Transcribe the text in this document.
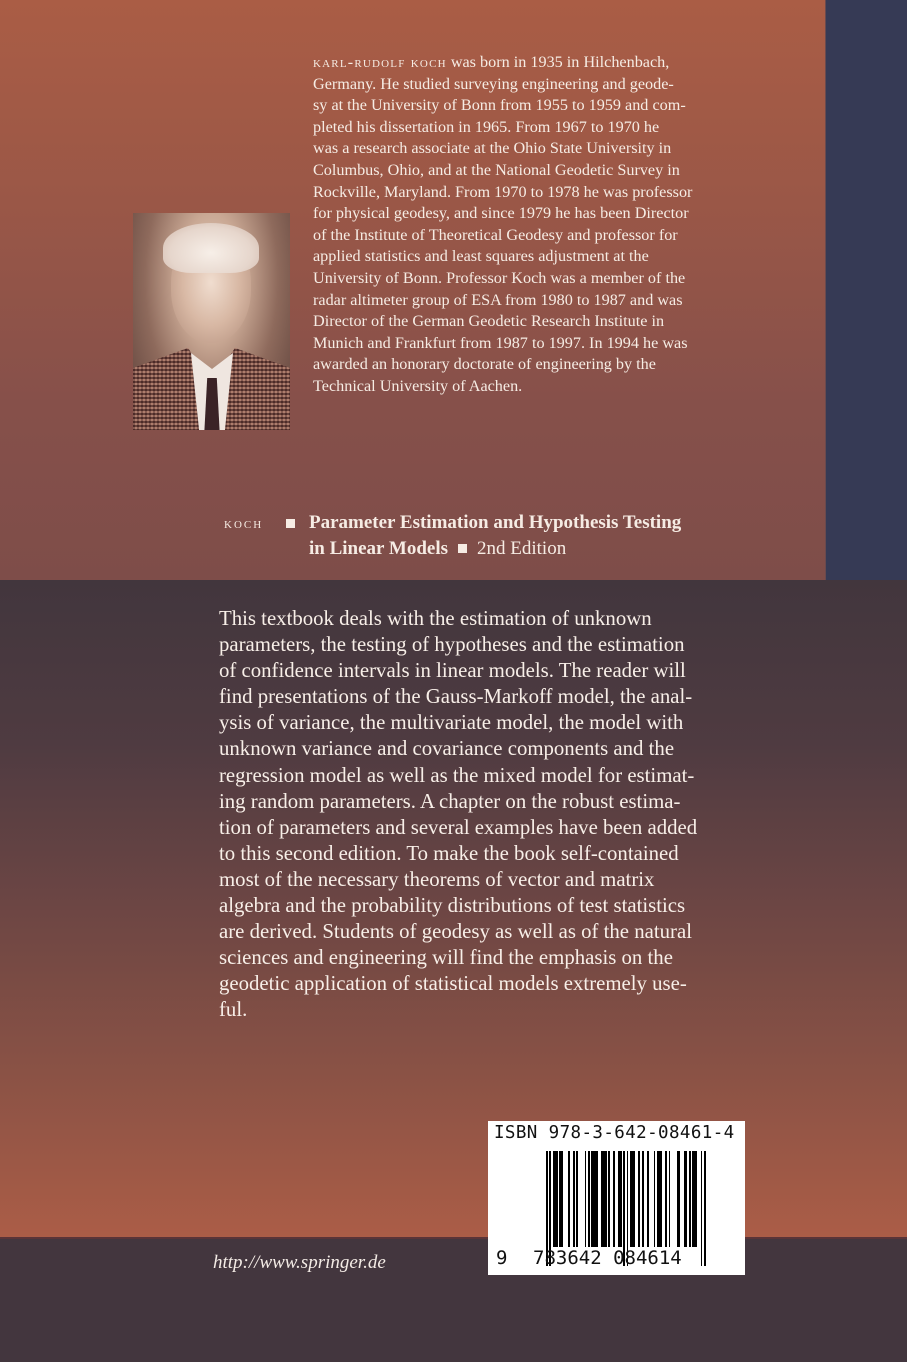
karl-rudolf koch was born in 1935 in Hilchenbach,
Germany. He studied surveying engineering and geode-
sy at the University of Bonn from 1955 to 1959 and com-
pleted his dissertation in 1965. From 1967 to 1970 he
was a research associate at the Ohio State University in
Columbus, Ohio, and at the National Geodetic Survey in
Rockville, Maryland. From 1970 to 1978 he was professor
for physical geodesy, and since 1979 he has been Director
of the Institute of Theoretical Geodesy and professor for
applied statistics and least squares adjustment at the
University of Bonn. Professor Koch was a member of the
radar altimeter group of ESA from 1980 to 1987 and was
Director of the German Geodetic Research Institute in
Munich and Frankfurt from 1987 to 1997. In 1994 he was
awarded an honorary doctorate of engineering by the
Technical University of Aachen.
koch Parameter Estimation and Hypothesis Testing
in Linear Models 2nd Edition
This textbook deals with the estimation of unknown
parameters, the testing of hypotheses and the estimation
of confidence intervals in linear models. The reader will
find presentations of the Gauss-Markoff model, the anal-
ysis of variance, the multivariate model, the model with
unknown variance and covariance components and the
regression model as well as the mixed model for estimat-
ing random parameters. A chapter on the robust estima-
tion of parameters and several examples have been added
to this second edition. To make the book self-contained
most of the necessary theorems of vector and matrix
algebra and the probability distributions of test statistics
are derived. Students of geodesy as well as of the natural
sciences and engineering will find the emphasis on the
geodetic application of statistical models extremely use-
ful.
http://www.springer.de
ISBN 978-3-642-08461-4
9 783642 084614
